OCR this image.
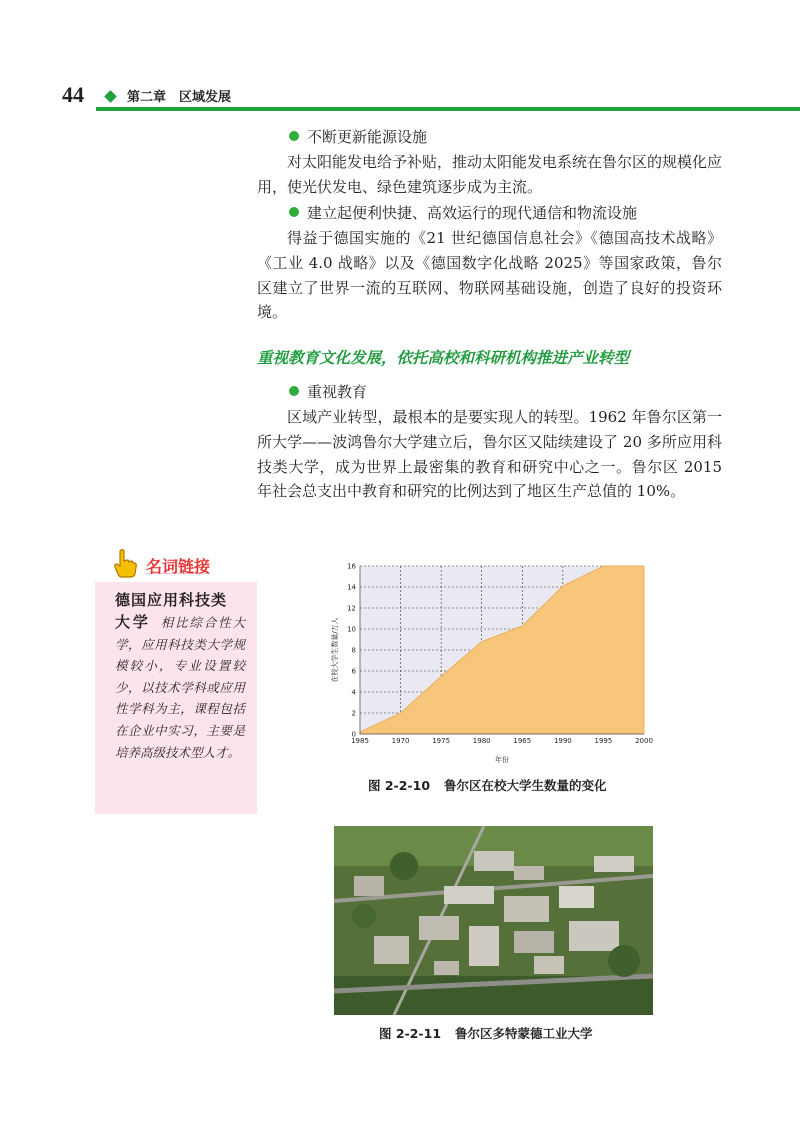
44	第二章　区域发展
不断更新能源设施
对太阳能发电给予补贴，推动太阳能发电系统在鲁尔区的规模化应用，使光伏发电、绿色建筑逐步成为主流。
建立起便利快捷、高效运行的现代通信和物流设施
得益于德国实施的《21 世纪德国信息社会》《德国高技术战略》《工业 4.0 战略》以及《德国数字化战略 2025》等国家政策，鲁尔区建立了世界一流的互联网、物联网基础设施，创造了良好的投资环境。
重视教育文化发展，依托高校和科研机构推进产业转型
重视教育
区域产业转型，最根本的是要实现人的转型。1962 年鲁尔区第一所大学——波鸿鲁尔大学建立后，鲁尔区又陆续建设了 20 多所应用科技类大学，成为世界上最密集的教育和研究中心之一。鲁尔区 2015 年社会总支出中教育和研究的比例达到了地区生产总值的 10%。
名词链接
德国应用科技类
大学 相比综合性大学，应用科技类大学规模较小，专业设置较少，以技术学科或应用性学科为主，课程包括在企业中实习，主要是培养高级技术型人才。
0
2
4
6
8
10
12
14
16
1985	1970	1975	1980	1965	1990	1995	2000
在校大学生数量/万人
年份
图 2-2-10 鲁尔区在校大学生数量的变化
图 2-2-11 鲁尔区多特蒙德工业大学
